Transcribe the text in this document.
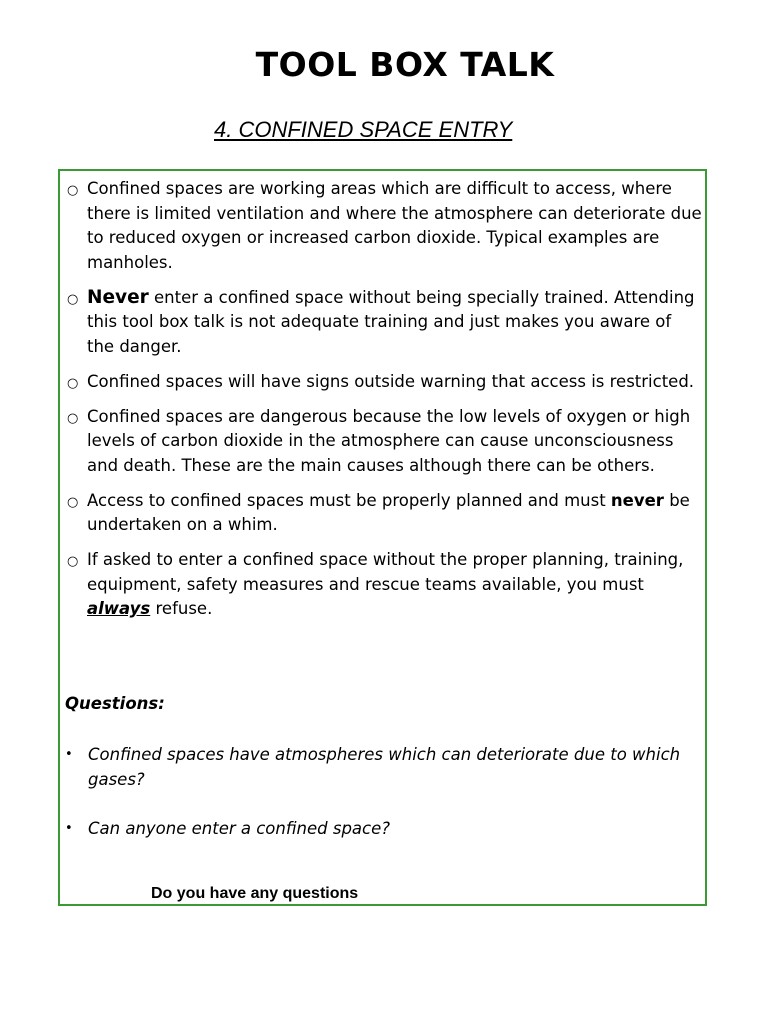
TOOL BOX TALK
4. CONFINED SPACE ENTRY
○ Confined spaces are working areas which are difficult to access, where there is limited ventilation and where the atmosphere can deteriorate due to reduced oxygen or increased carbon dioxide. Typical examples are manholes.
○ Never enter a confined space without being specially trained. Attending this tool box talk is not adequate training and just makes you aware of the danger.
○ Confined spaces will have signs outside warning that access is restricted.
○ Confined spaces are dangerous because the low levels of oxygen or high levels of carbon dioxide in the atmosphere can cause unconsciousness and death. These are the main causes although there can be others.
○ Access to confined spaces must be properly planned and must never be undertaken on a whim.
○ If asked to enter a confined space without the proper planning, training, equipment, safety measures and rescue teams available, you must always refuse.
Questions:
• Confined spaces have atmospheres which can deteriorate due to which gases?
• Can anyone enter a confined space?
Do you have any questions
